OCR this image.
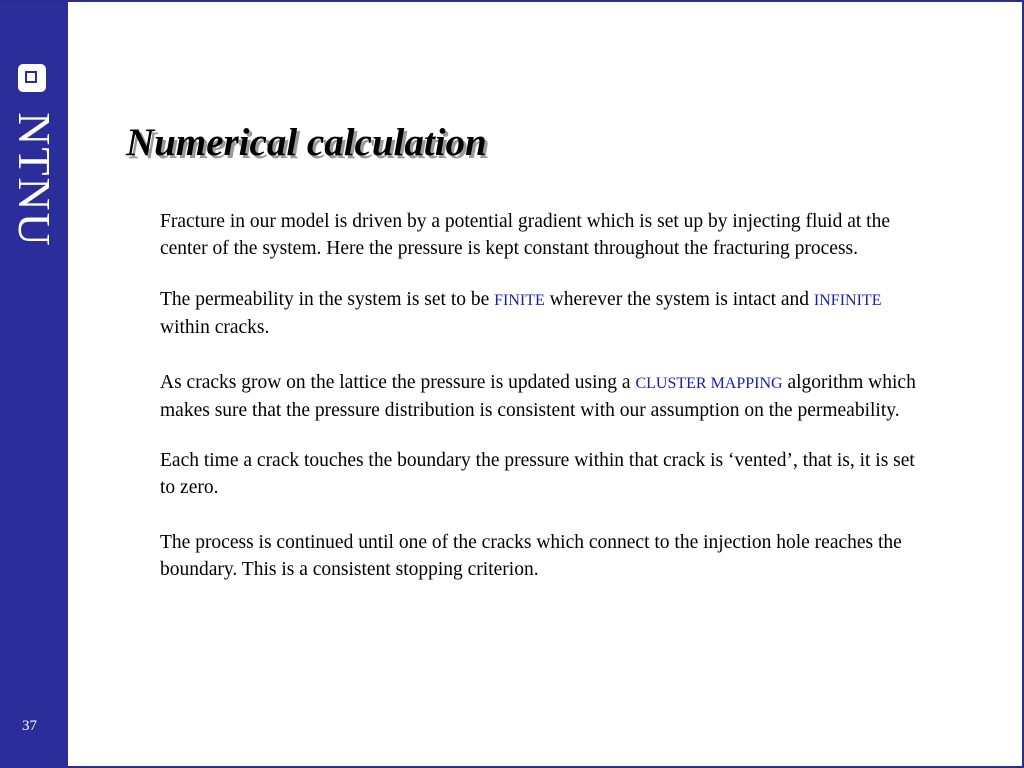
NTNU
37
Numerical calculation

Fracture in our model is driven by a potential gradient which is set up by injecting fluid at the center of the system. Here the pressure is kept constant throughout the fracturing process.

The permeability in the system is set to be FINITE wherever the system is intact and INFINITE within cracks.

As cracks grow on the lattice the pressure is updated using a CLUSTER MAPPING algorithm which makes sure that the pressure distribution is consistent with our assumption on the permeability.

Each time a crack touches the boundary the pressure within that crack is ‘vented’, that is, it is set to zero.

The process is continued until one of the cracks which connect to the injection hole reaches the boundary. This is a consistent stopping criterion.
